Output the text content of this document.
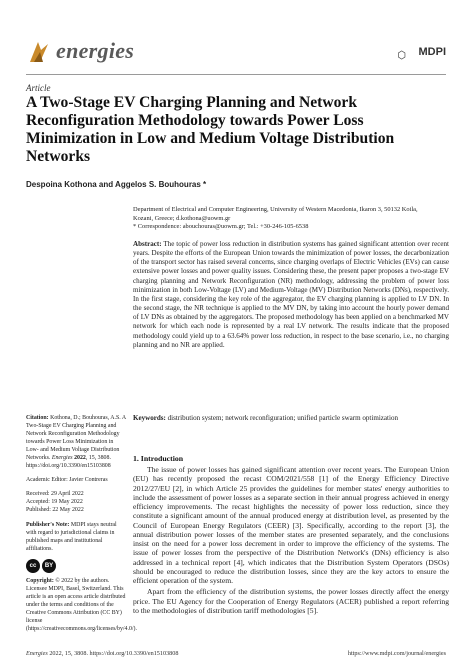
energies	MDPI
Article
A Two-Stage EV Charging Planning and Network Reconfiguration Methodology towards Power Loss Minimization in Low and Medium Voltage Distribution Networks
Despoina Kothona and Aggelos S. Bouhouras *
Department of Electrical and Computer Engineering, University of Western Macedonia, Ikaron 3, 50132 Koila,
Kozani, Greece; d.kothona@uowm.gr
* Correspondence: abouchouras@uowm.gr; Tel.: +30-246-105-6538
Abstract: The topic of power loss reduction in distribution systems has gained significant attention over recent years. Despite the efforts of the European Union towards the minimization of power losses, the decarbonization of the transport sector has raised several concerns, since charging overlaps of Electric Vehicles (EVs) can cause extensive power losses and power quality issues. Considering these, the present paper proposes a two-stage EV charging planning and Network Reconfiguration (NR) methodology, addressing the problem of power loss minimization in both Low-Voltage (LV) and Medium-Voltage (MV) Distribution Networks (DNs), respectively. In the first stage, considering the key role of the aggregator, the EV charging planning is applied to LV DN. In the second stage, the NR technique is applied to the MV DN, by taking into account the hourly power demand of LV DNs as obtained by the aggregators. The proposed methodology has been applied on a benchmarked MV network for which each node is represented by a real LV network. The results indicate that the proposed methodology could yield up to a 63.64% power loss reduction, in respect to the base scenario, i.e., no charging planning and no NR are applied.
Keywords: distribution system; network reconfiguration; unified particle swarm optimization
Citation: Kothona, D.; Bouhouras, A.S. A Two-Stage EV Charging Planning and Network Reconfiguration Methodology towards Power Loss Minimization in Low- and Medium Voltage Distribution Networks. Energies 2022, 15, 3808. https://doi.org/10.3390/en15103808
Academic Editor: Javier Contreras
Received: 29 April 2022
Accepted: 19 May 2022
Published: 22 May 2022
Publisher's Note: MDPI stays neutral with regard to jurisdictional claims in published maps and institutional affiliations.
cc	BY
Copyright: © 2022 by the authors. Licensee MDPI, Basel, Switzerland. This article is an open access article distributed under the terms and conditions of the Creative Commons Attribution (CC BY) license (https://creativecommons.org/licenses/by/4.0/).
1. Introduction

The issue of power losses has gained significant attention over recent years. The European Union (EU) has recently proposed the recast COM/2021/558 [1] of the Energy Efficiency Directive 2012/27/EU [2], in which Article 25 provides the guidelines for member states' energy authorities to include the assessment of power losses as a separate section in their annual progress achieved in energy efficiency improvements. The recast highlights the necessity of power loss reduction, since they constitute a significant amount of the annual produced energy at distribution level, as presented by the Council of European Energy Regulators (CEER) [3]. Specifically, according to the report [3], the annual distribution power losses of the member states are presented separately, and the conclusions insist on the need for a power loss decrement in order to improve the efficiency of the systems. The issue of power losses from the perspective of the Distribution Network's (DNs) efficiency is also addressed in a technical report [4], which indicates that the Distribution System Operators (DSOs) should be encouraged to reduce the distribution losses, since they are the key actors to ensure the efficient operation of the system.

Apart from the efficiency of the distribution systems, the power losses directly affect the energy price. The EU Agency for the Cooperation of Energy Regulators (ACER) published a report referring to the methodologies of distribution tariff methodologies [5].

Energies 2022, 15, 3808. https://doi.org/10.3390/en15103808	https://www.mdpi.com/journal/energies
